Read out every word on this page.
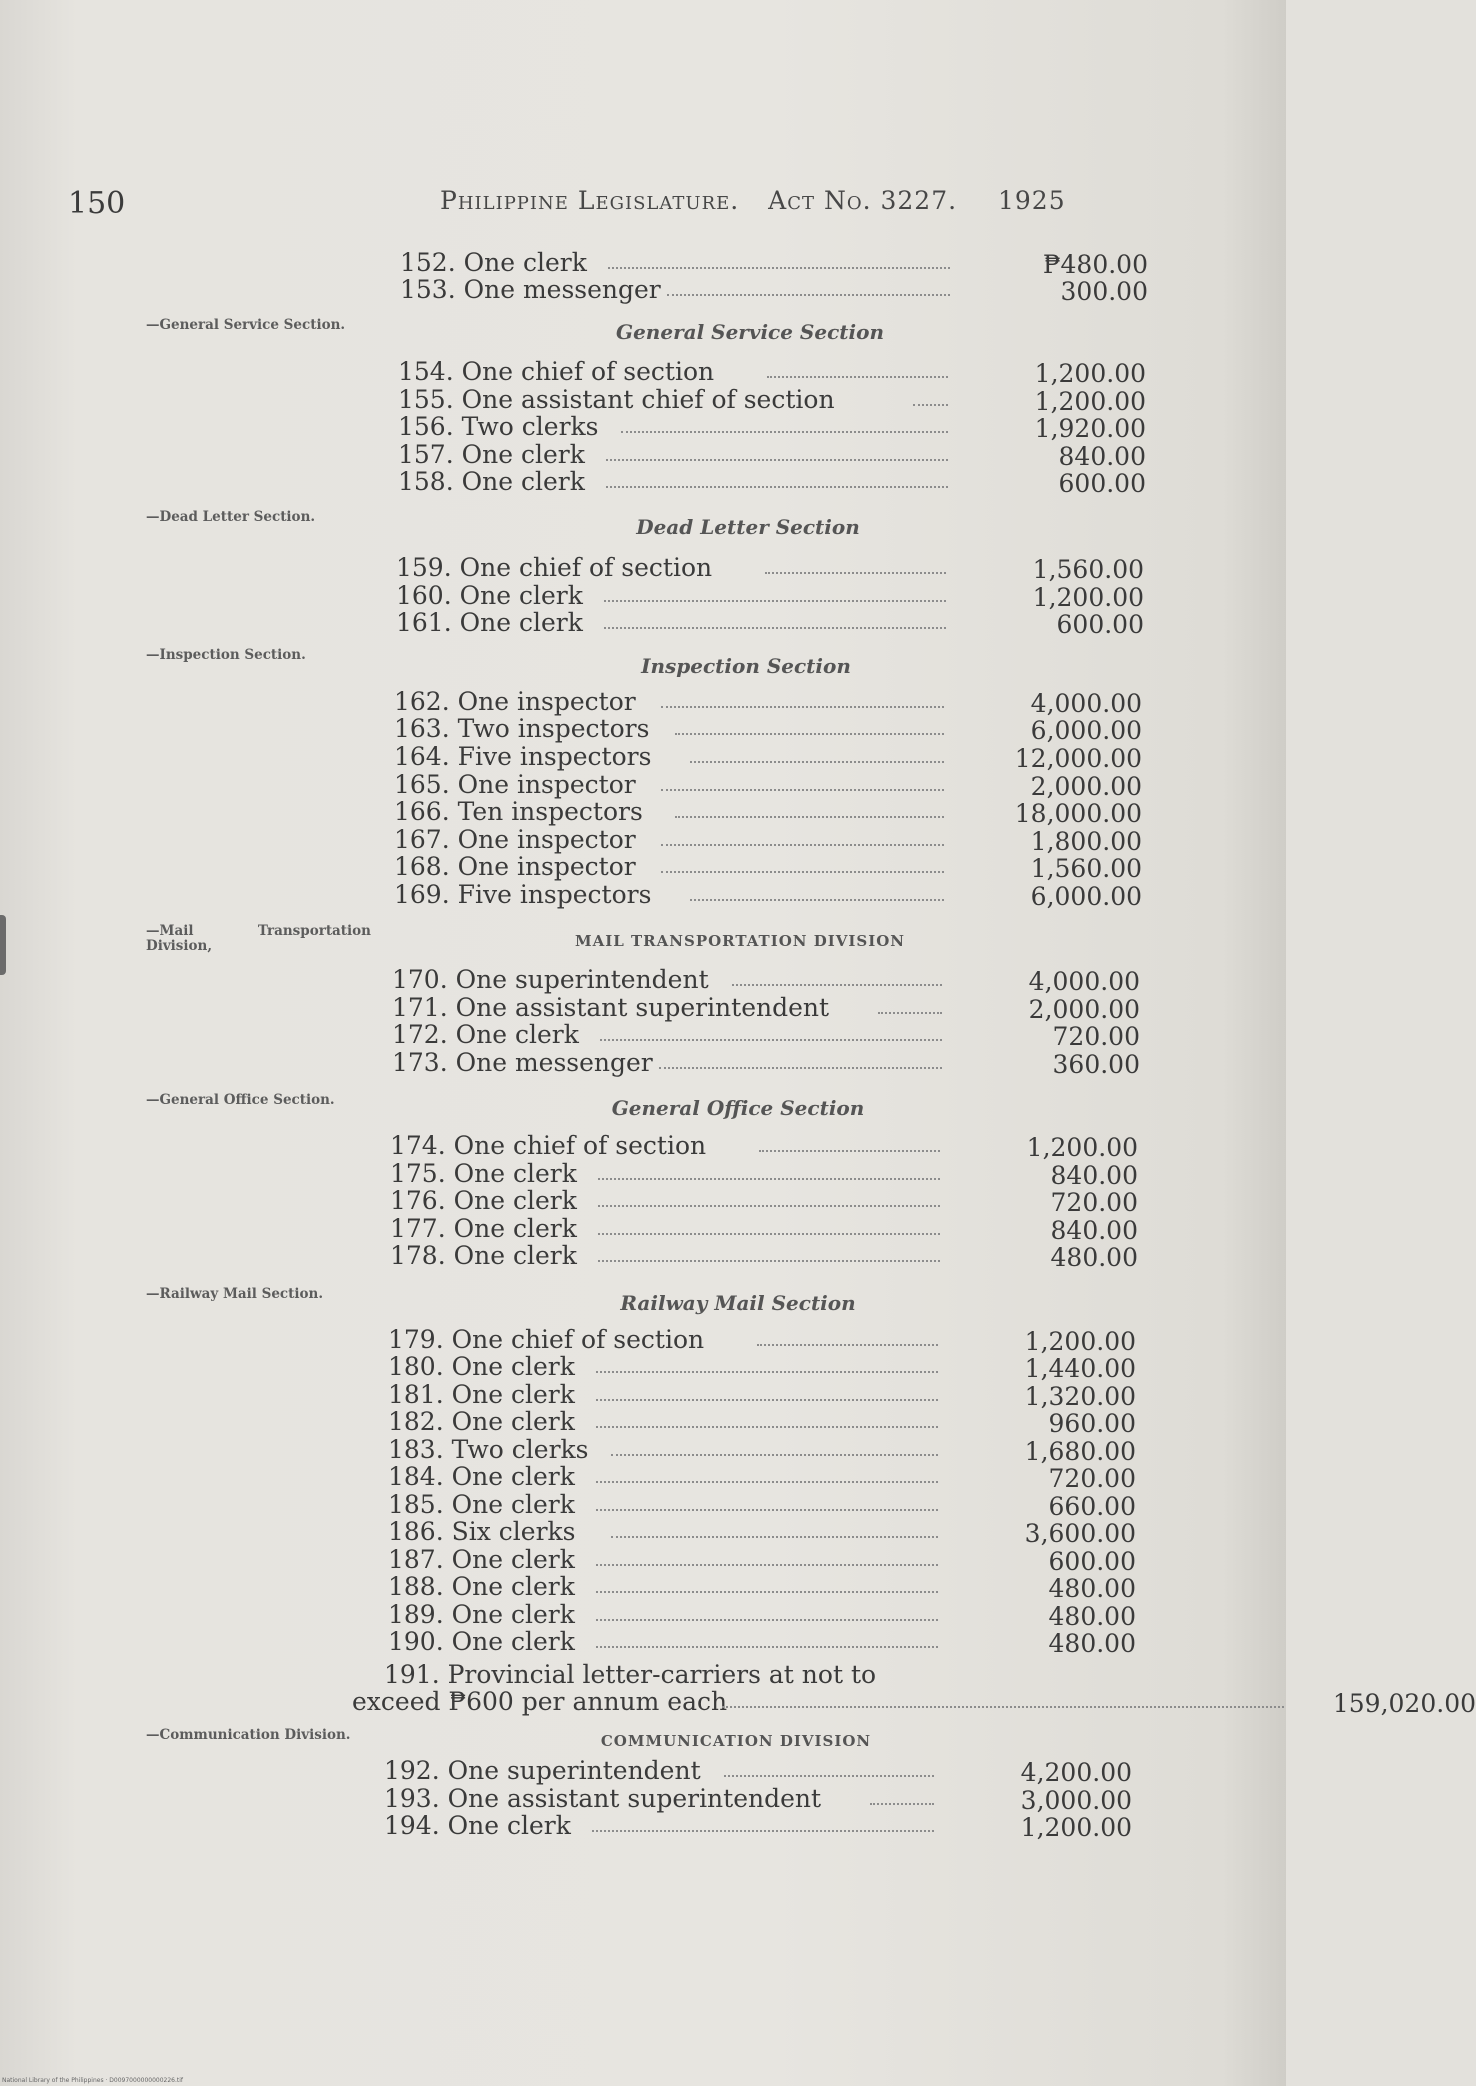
150	Philippine Legislature. Act No. 3227. 1925
—General Service Section.
—Dead Letter Section.
—Inspection Section.
—Mail Transportation Division,
—General Office Section.
—Railway Mail Section.
—Communication Division.
General Service Section
Dead Letter Section
Inspection Section
MAIL TRANSPORTATION DIVISION
General Office Section
Railway Mail Section
COMMUNICATION DIVISION
152. One clerk	₱480.00
153. One messenger	300.00
154. One chief of section	1,200.00
155. One assistant chief of section	1,200.00
156. Two clerks	1,920.00
157. One clerk	840.00
158. One clerk	600.00
159. One chief of section	1,560.00
160. One clerk	1,200.00
161. One clerk	600.00
162. One inspector	4,000.00
163. Two inspectors	6,000.00
164. Five inspectors	12,000.00
165. One inspector	2,000.00
166. Ten inspectors	18,000.00
167. One inspector	1,800.00
168. One inspector	1,560.00
169. Five inspectors	6,000.00
170. One superintendent	4,000.00
171. One assistant superintendent	2,000.00
172. One clerk	720.00
173. One messenger	360.00
174. One chief of section	1,200.00
175. One clerk	840.00
176. One clerk	720.00
177. One clerk	840.00
178. One clerk	480.00
179. One chief of section	1,200.00
180. One clerk	1,440.00
181. One clerk	1,320.00
182. One clerk	960.00
183. Two clerks	1,680.00
184. One clerk	720.00
185. One clerk	660.00
186. Six clerks	3,600.00
187. One clerk	600.00
188. One clerk	480.00
189. One clerk	480.00
190. One clerk	480.00
192. One superintendent	4,200.00
193. One assistant superintendent	3,000.00
194. One clerk	1,200.00
191. Provincial letter-carriers at not to
exceed ₱600 per annum each	159,020.00
National Library of the Philippines · D0097000000000226.tif
